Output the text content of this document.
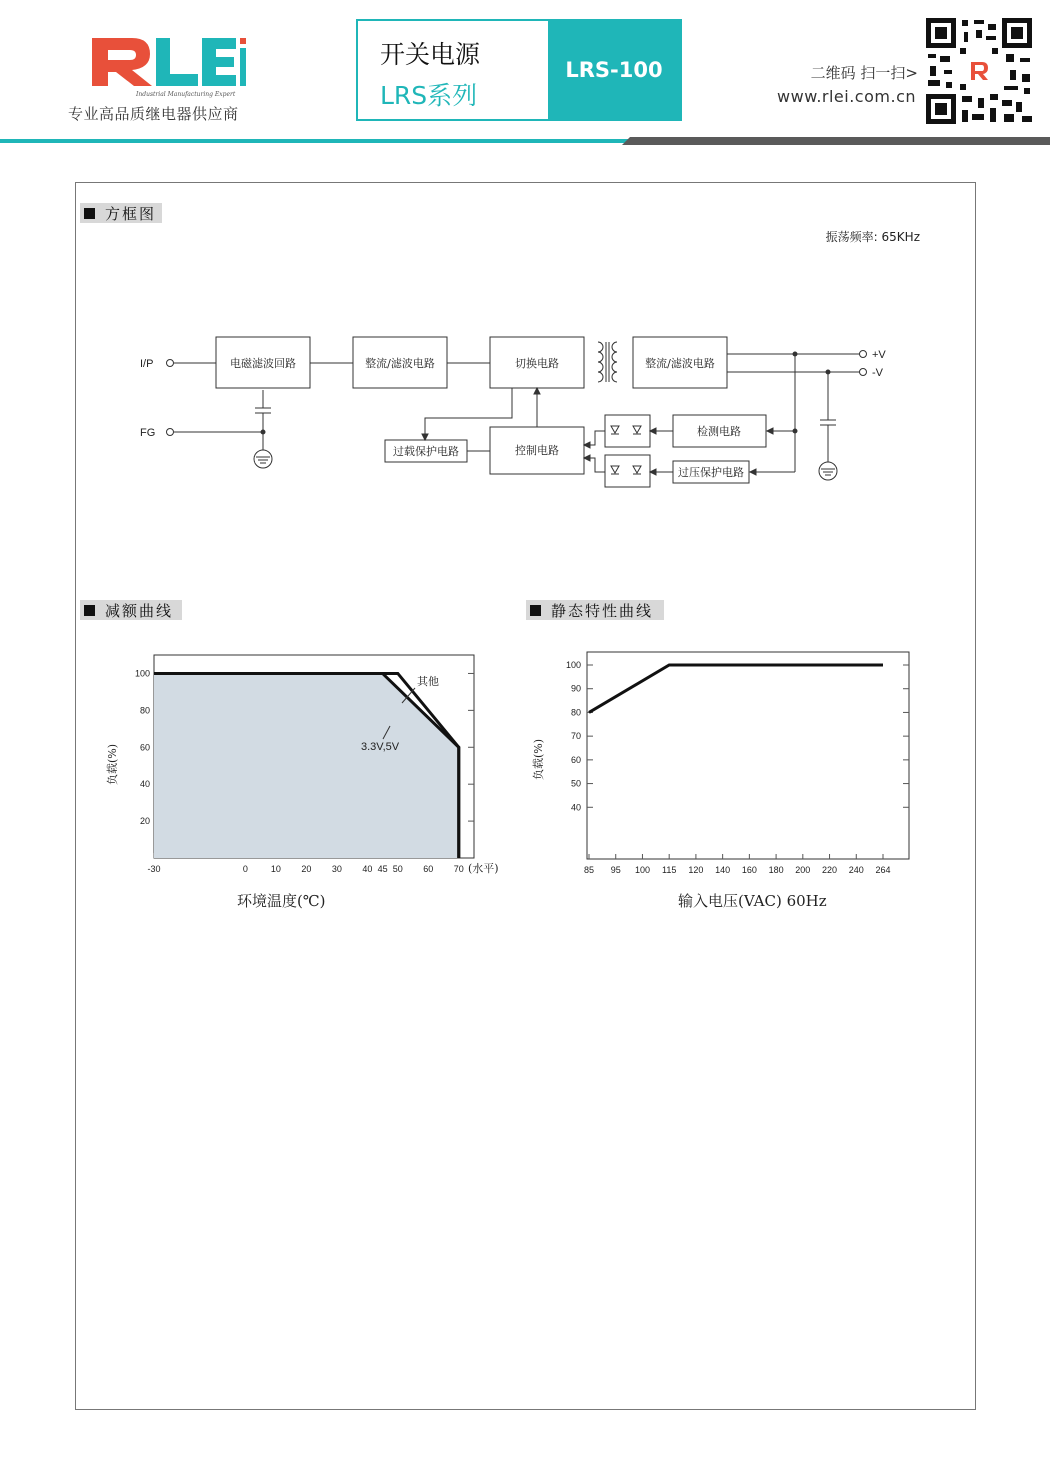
Industrial Manufacturing Expert
专业高品质继电器供应商
开关电源
LRS系列
LRS-100	二维码 扫一扫>
www.rlei.com.cn
方框图
振荡频率: 65KHz
I/P
FG
+V
-V
电磁滤波回路	整流/滤波电路	切换电路	整流/滤波电路
过载保护电路	控制电路
检测电路
过压保护电路
减额曲线
-30	0	10 20 30 40 45 50 60 70
20
40
60
80
100
其他
3.3V,5V
(水平)
负载(%)
环境温度(℃)
静态特性曲线
85 95 100 115 120 140 160 180 200 220 240 264
40
50
60
70
80
90
100
负载(%)
输入电压(VAC) 60Hz
